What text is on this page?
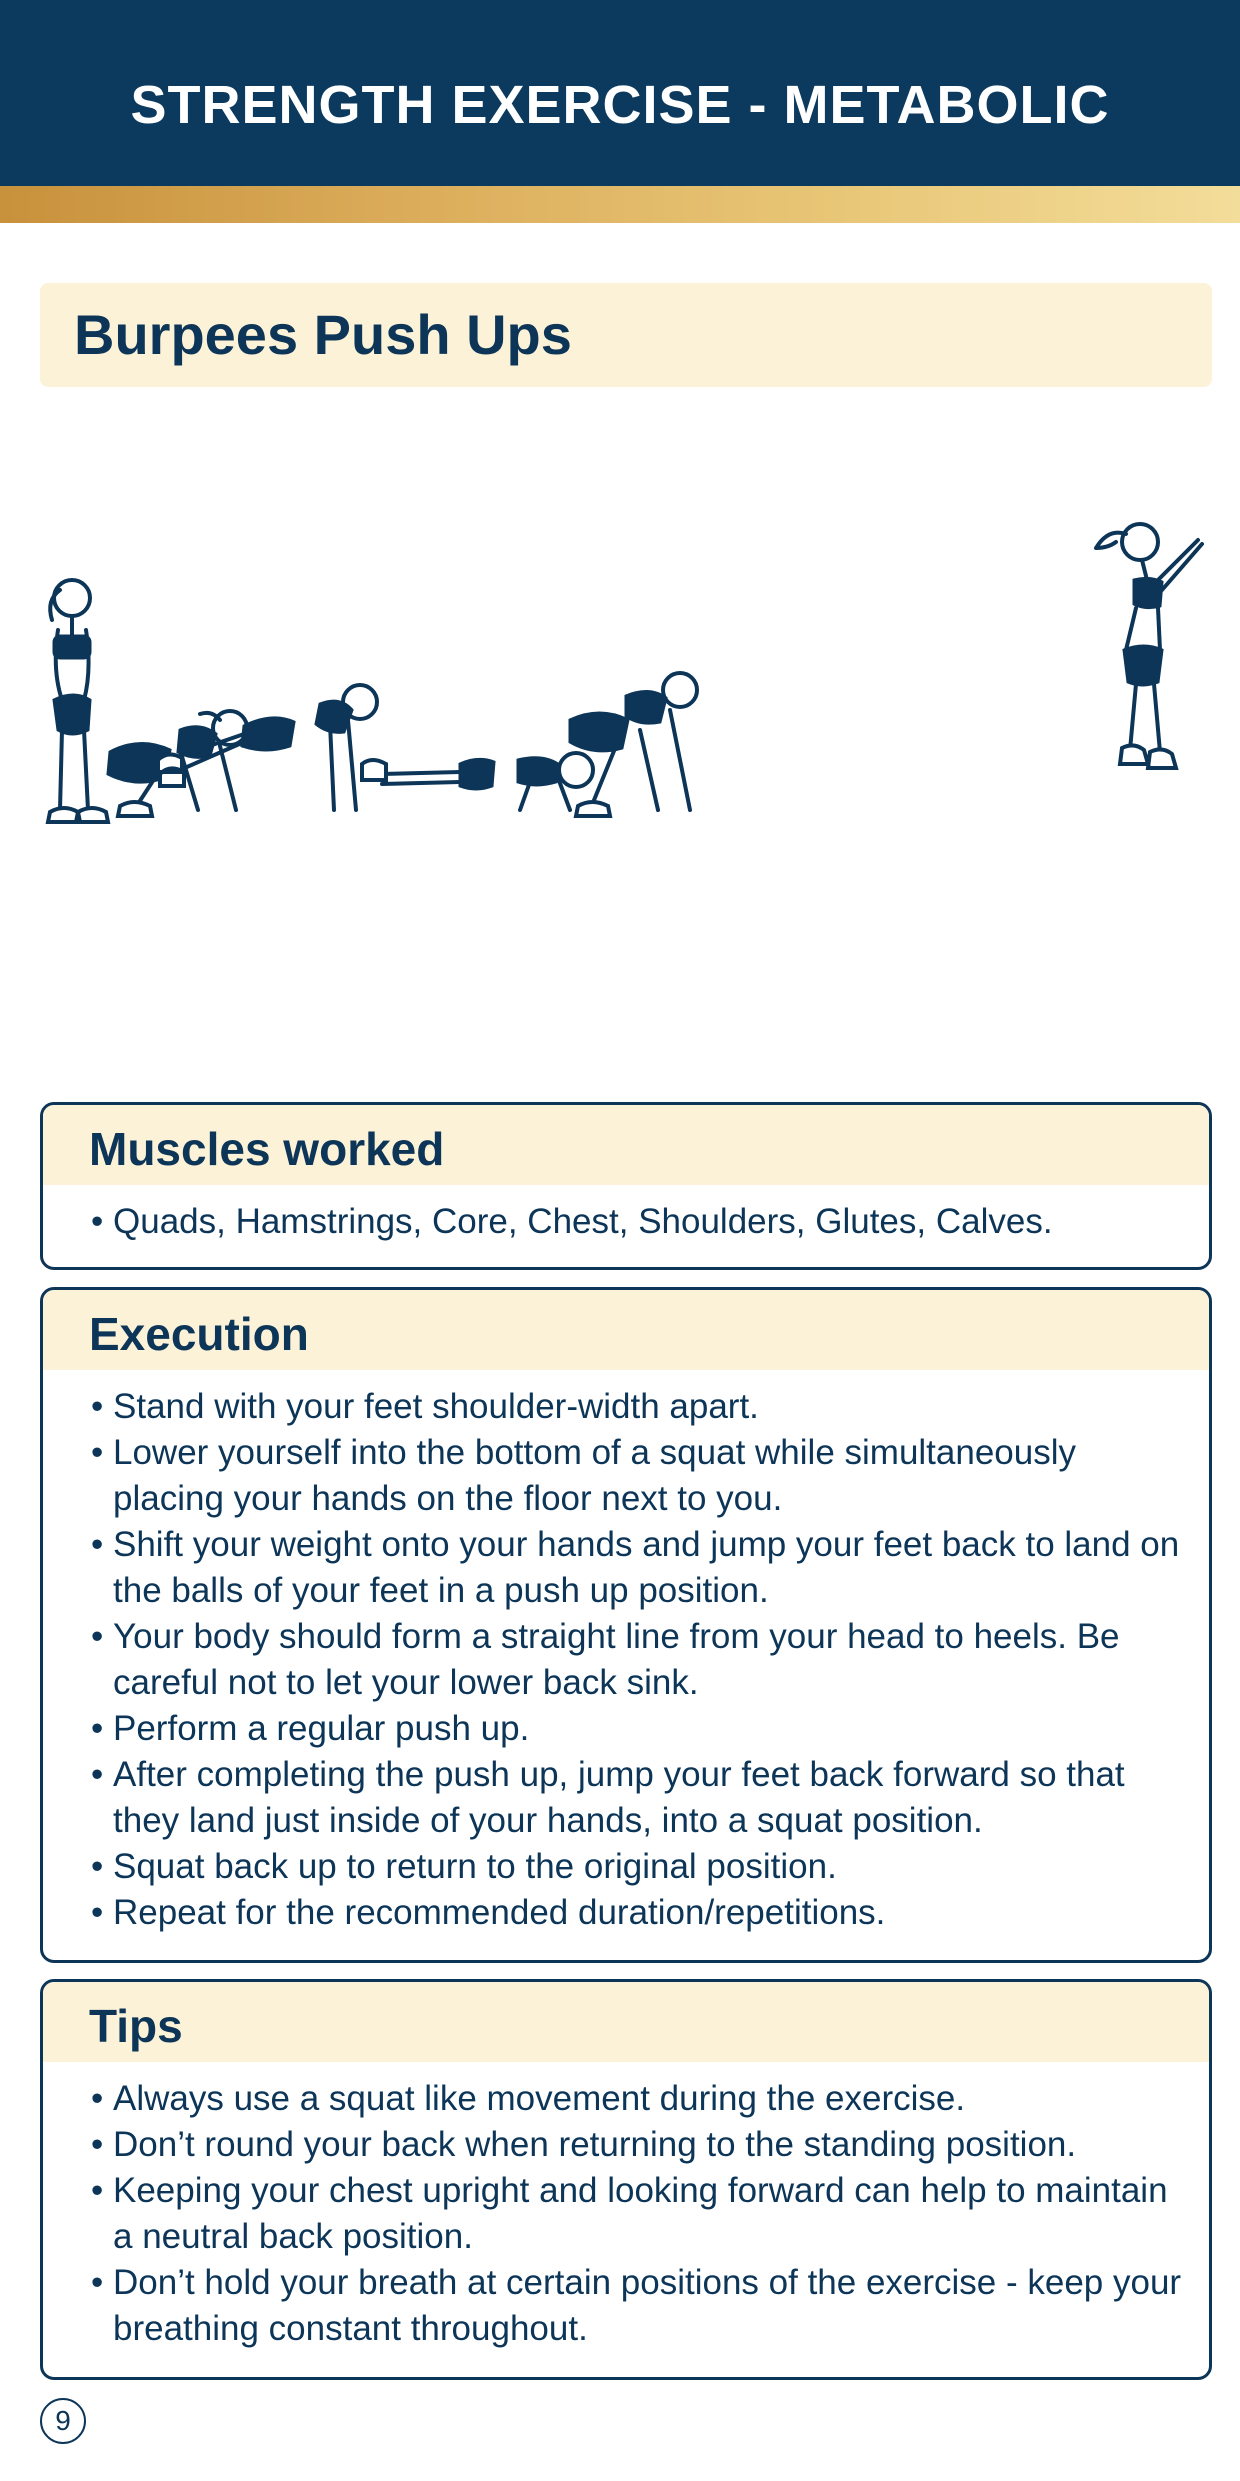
STRENGTH EXERCISE - METABOLIC
Burpees Push Ups
Muscles worked
• Quads, Hamstrings, Core, Chest, Shoulders, Glutes, Calves.
Execution
• Stand with your feet shoulder-width apart.
• Lower yourself into the bottom of a squat while simultaneously placing your hands on the floor next to you.
• Shift your weight onto your hands and jump your feet back to land on the balls of your feet in a push up position.
• Your body should form a straight line from your head to heels. Be careful not to let your lower back sink.
• Perform a regular push up.
• After completing the push up, jump your feet back forward so that they land just inside of your hands, into a squat position.
• Squat back up to return to the original position.
• Repeat for the recommended duration/repetitions.
Tips
• Always use a squat like movement during the exercise.
• Don’t round your back when returning to the standing position.
• Keeping your chest upright and looking forward can help to maintain a neutral back position.
• Don’t hold your breath at certain positions of the exercise - keep your breathing constant throughout.
9
